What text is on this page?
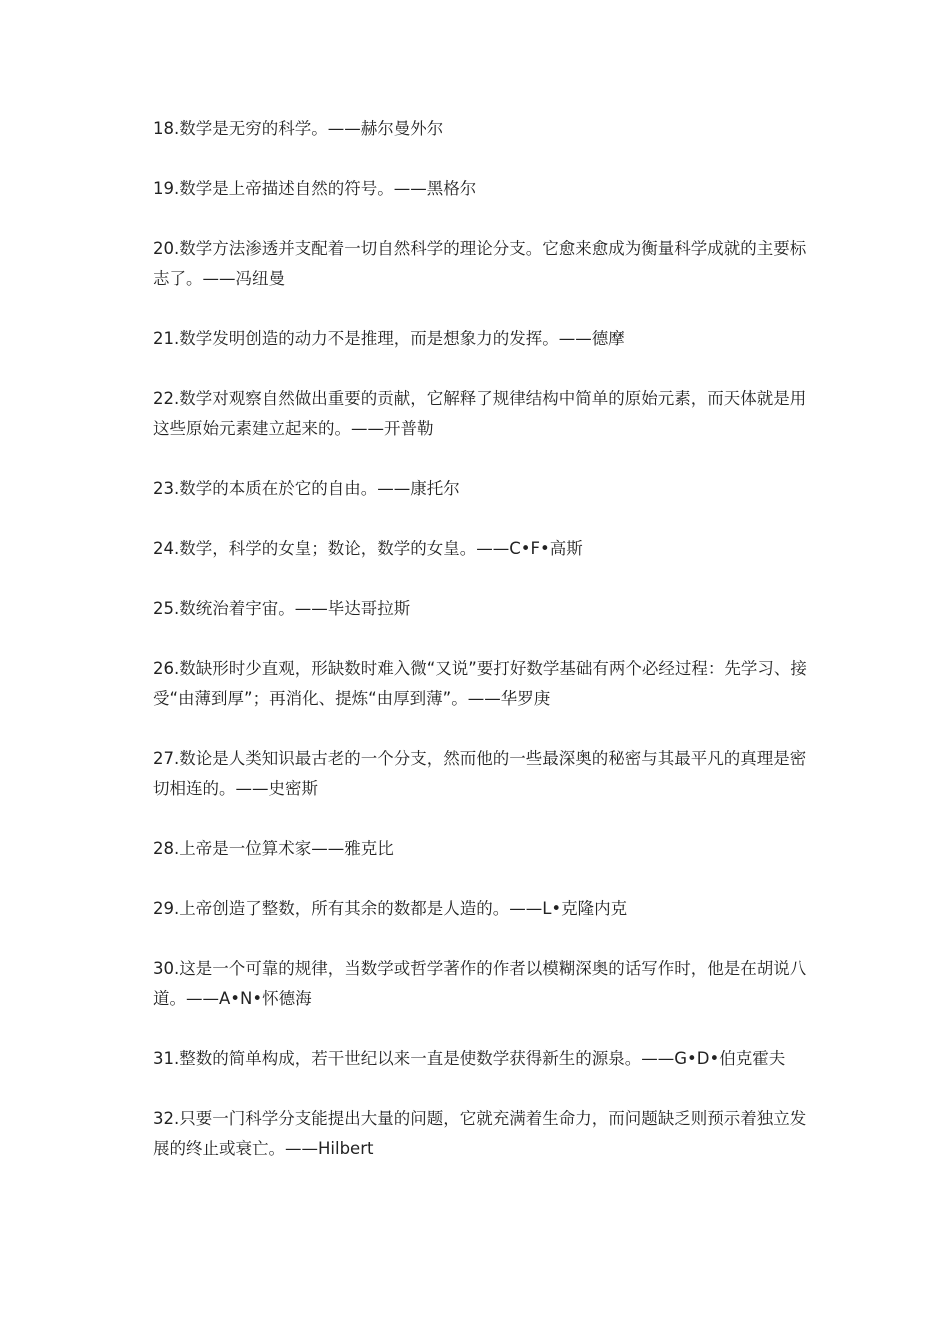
18.数学是无穷的科学。——赫尔曼外尔
19.数学是上帝描述自然的符号。——黑格尔
20.数学方法渗透并支配着一切自然科学的理论分支。它愈来愈成为衡量科学成就的主要标志了。——冯纽曼
21.数学发明创造的动力不是推理，而是想象力的发挥。——德摩
22.数学对观察自然做出重要的贡献，它解释了规律结构中简单的原始元素，而天体就是用这些原始元素建立起来的。——开普勒
23.数学的本质在於它的自由。——康托尔
24.数学，科学的女皇；数论，数学的女皇。——C•F•高斯
25.数统治着宇宙。——毕达哥拉斯
26.数缺形时少直观，形缺数时难入微“又说”要打好数学基础有两个必经过程：先学习、接受“由薄到厚”；再消化、提炼“由厚到薄”。——华罗庚
27.数论是人类知识最古老的一个分支，然而他的一些最深奥的秘密与其最平凡的真理是密切相连的。——史密斯
28.上帝是一位算术家——雅克比
29.上帝创造了整数，所有其余的数都是人造的。——L•克隆内克
30.这是一个可靠的规律，当数学或哲学著作的作者以模糊深奥的话写作时，他是在胡说八道。——A•N•怀德海
31.整数的简单构成，若干世纪以来一直是使数学获得新生的源泉。——G•D•伯克霍夫
32.只要一门科学分支能提出大量的问题，它就充满着生命力，而问题缺乏则预示着独立发展的终止或衰亡。——Hilbert
